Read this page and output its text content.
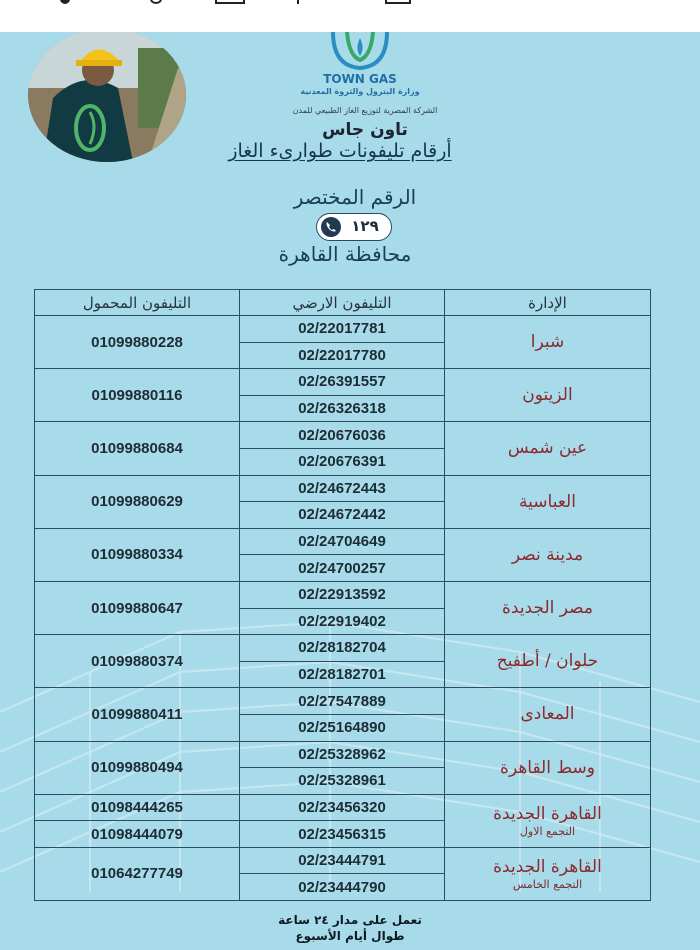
TOWN GAS
وزارة البترول والثروة المعدنية
الشركة المصرية لتوزيع الغاز الطبيعي للمدن
تاون جاس
أرقام تليفونات طوارىء الغاز
الرقم المختصر
١٢٩
محافظة القاهرة
التليفون المحمول	التليفون الارضي	الإدارة
01099880228	02/22017781	شبرا
	02/22017780	
01099880116	02/26391557	الزيتون
	02/26326318	
01099880684	02/20676036	عين شمس
	02/20676391	
01099880629	02/24672443	العباسية
	02/24672442	
01099880334	02/24704649	مدينة نصر
	02/24700257	
01099880647	02/22913592	مصر الجديدة
	02/22919402	
01099880374	02/28182704	حلوان / أطفيح
	02/28182701	
01099880411	02/27547889	المعادى
	02/25164890	
01099880494	02/25328962	وسط القاهرة
	02/25328961	
01098444265	02/23456320	القاهرة الجديدة
التجمع الاول

01098444079	02/23456315	
01064277749	02/23444791	القاهرة الجديدة
التجمع الخامس

	02/23444790	
تعمل على مدار ٢٤ ساعة
طوال أيام الأسبوع
